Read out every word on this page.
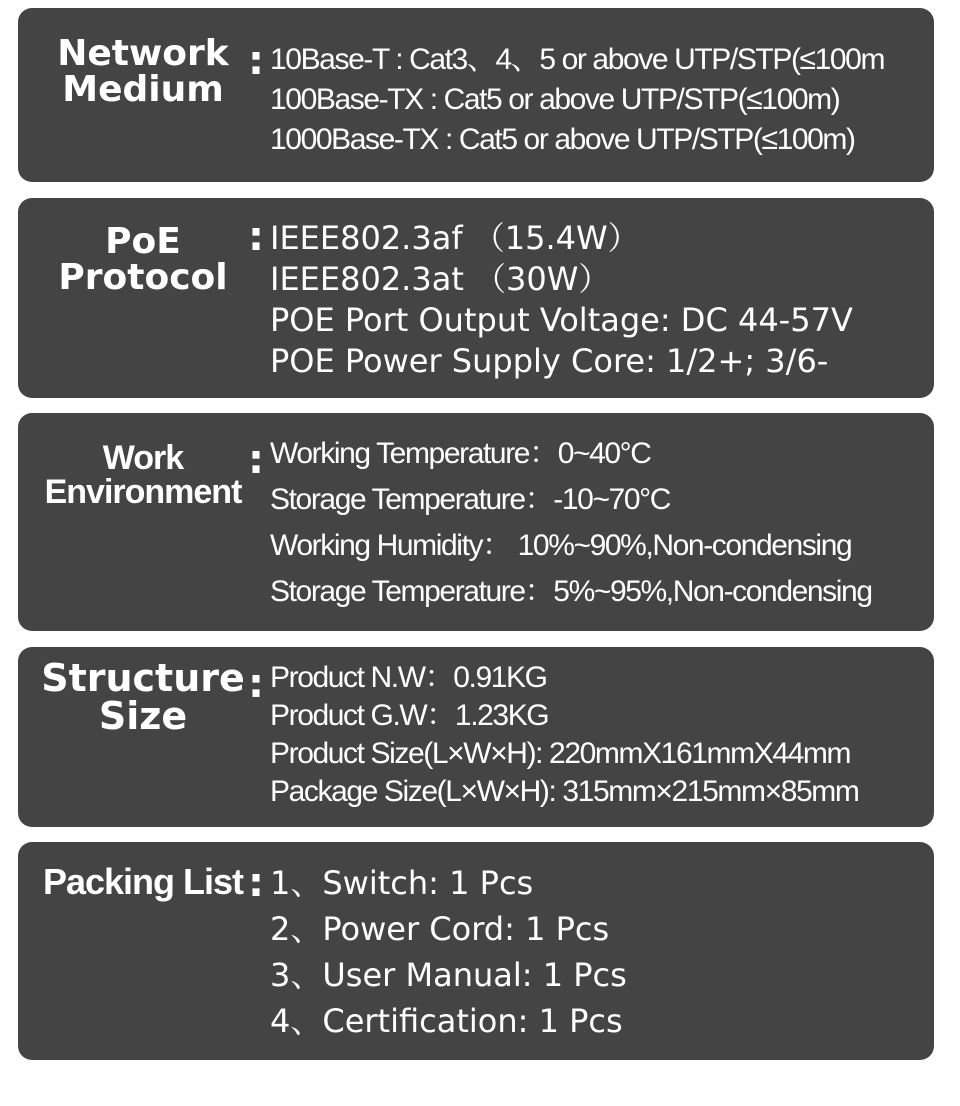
Network
Medium
: 10Base-T : Cat3、4、5 or above UTP/STP(≤100m
100Base-TX : Cat5 or above UTP/STP(≤100m)
1000Base-TX : Cat5 or above UTP/STP(≤100m)
PoE
Protocol
: IEEE802.3af （15.4W）
IEEE802.3at （30W）
POE Port Output Voltage: DC 44-57V
POE Power Supply Core: 1/2+; 3/6-
Work
Environment
: Working Temperature：0~40°C
Storage Temperature：-10~70°C
Working Humidity： 10%~90%,Non-condensing
Storage Temperature：5%~95%,Non-condensing
Structure
Size
: Product N.W：0.91KG
Product G.W：1.23KG
Product Size(L×W×H): 220mmX161mmX44mm
Package Size(L×W×H): 315mm×215mm×85mm
Packing List : 1、Switch: 1 Pcs
2、Power Cord: 1 Pcs
3、User Manual: 1 Pcs
4、Certification: 1 Pcs
